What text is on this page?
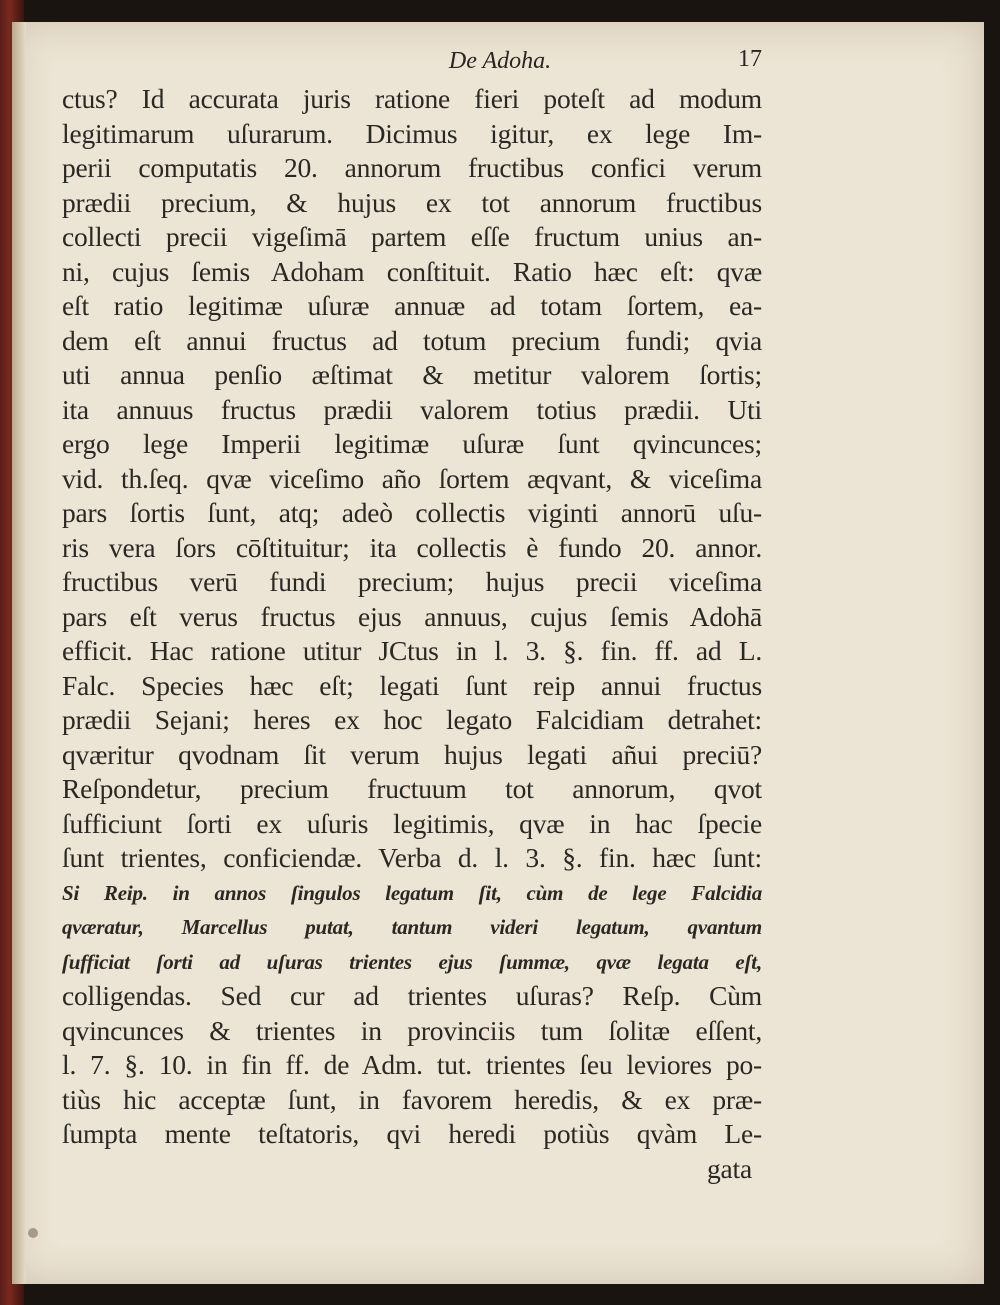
De Adoha.	17
ctus? Id accurata juris ratione fieri poteſt ad modum
legitimarum uſurarum. Dicimus igitur, ex lege Im-
perii computatis 20. annorum fructibus confici verum
prædii precium, & hujus ex tot annorum fructibus
collecti precii vigeſimā partem eſſe fructum unius an-
ni, cujus ſemis Adoham conſtituit. Ratio hæc eſt: qvæ
eſt ratio legitimæ uſuræ annuæ ad totam ſortem, ea-
dem eſt annui fructus ad totum precium fundi; qvia
uti annua penſio æſtimat & metitur valorem ſortis;
ita annuus fructus prædii valorem totius prædii. Uti
ergo lege Imperii legitimæ uſuræ ſunt qvincunces;
vid. th.ſeq. qvæ viceſimo año ſortem æqvant, & viceſima
pars ſortis ſunt, atq; adeò collectis viginti annorū uſu-
ris vera ſors cōſtituitur; ita collectis è fundo 20. annor.
fructibus verū fundi precium; hujus precii viceſima
pars eſt verus fructus ejus annuus, cujus ſemis Adohā
efficit. Hac ratione utitur JCtus in l. 3. §. fin. ff. ad L.
Falc. Species hæc eſt; legati ſunt reip annui fructus
prædii Sejani; heres ex hoc legato Falcidiam detrahet:
qværitur qvodnam ſit verum hujus legati añui preciū?
Reſpondetur, precium fructuum tot annorum, qvot
ſufficiunt ſorti ex uſuris legitimis, qvæ in hac ſpecie
ſunt trientes, conficiendæ. Verba d. l. 3. §. fin. hæc ſunt:
Si Reip. in annos ſingulos legatum ſit, cùm de lege Falcidia
qværatur, Marcellus putat, tantum videri legatum, qvantum
ſufficiat ſorti ad uſuras trientes ejus ſummæ, qvæ legata eſt,
colligendas. Sed cur ad trientes uſuras? Reſp. Cùm
qvincunces & trientes in provinciis tum ſolitæ eſſent,
l. 7. §. 10. in fin ff. de Adm. tut. trientes ſeu leviores po-
tiùs hic acceptæ ſunt, in favorem heredis, & ex præ-
ſumpta mente teſtatoris, qvi heredi potiùs qvàm Le-
gata
